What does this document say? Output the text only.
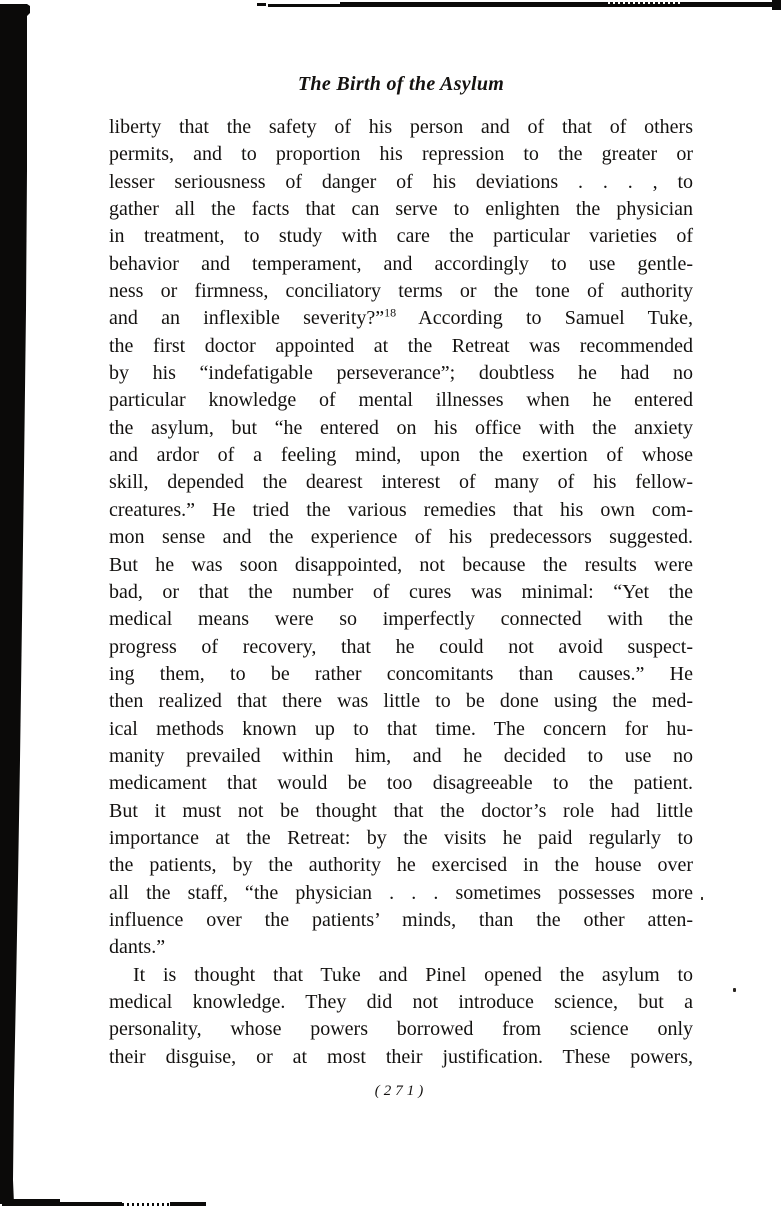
The Birth of the Asylum
liberty that the safety of his person and of that of others
permits, and to proportion his repression to the greater or
lesser seriousness of danger of his deviations . . . , to
gather all the facts that can serve to enlighten the physician
in treatment, to study with care the particular varieties of
behavior and temperament, and accordingly to use gentle-
ness or firmness, conciliatory terms or the tone of authority
and an inflexible severity?”$^{18}$ According to Samuel Tuke,
the first doctor appointed at the Retreat was recommended
by his “indefatigable perseverance”; doubtless he had no
particular knowledge of mental illnesses when he entered
the asylum, but “he entered on his office with the anxiety
and ardor of a feeling mind, upon the exertion of whose
skill, depended the dearest interest of many of his fellow-
creatures.” He tried the various remedies that his own com-
mon sense and the experience of his predecessors suggested.
But he was soon disappointed, not because the results were
bad, or that the number of cures was minimal: “Yet the
medical means were so imperfectly connected with the
progress of recovery, that he could not avoid suspect-
ing them, to be rather concomitants than causes.” He
then realized that there was little to be done using the med-
ical methods known up to that time. The concern for hu-
manity prevailed within him, and he decided to use no
medicament that would be too disagreeable to the patient.
But it must not be thought that the doctor’s role had little
importance at the Retreat: by the visits he paid regularly to
the patients, by the authority he exercised in the house over
all the staff, “the physician . . . sometimes possesses more
influence over the patients’ minds, than the other atten-
dants.”
It is thought that Tuke and Pinel opened the asylum to
medical knowledge. They did not introduce science, but a
personality, whose powers borrowed from science only
their disguise, or at most their justification. These powers,
(271)
